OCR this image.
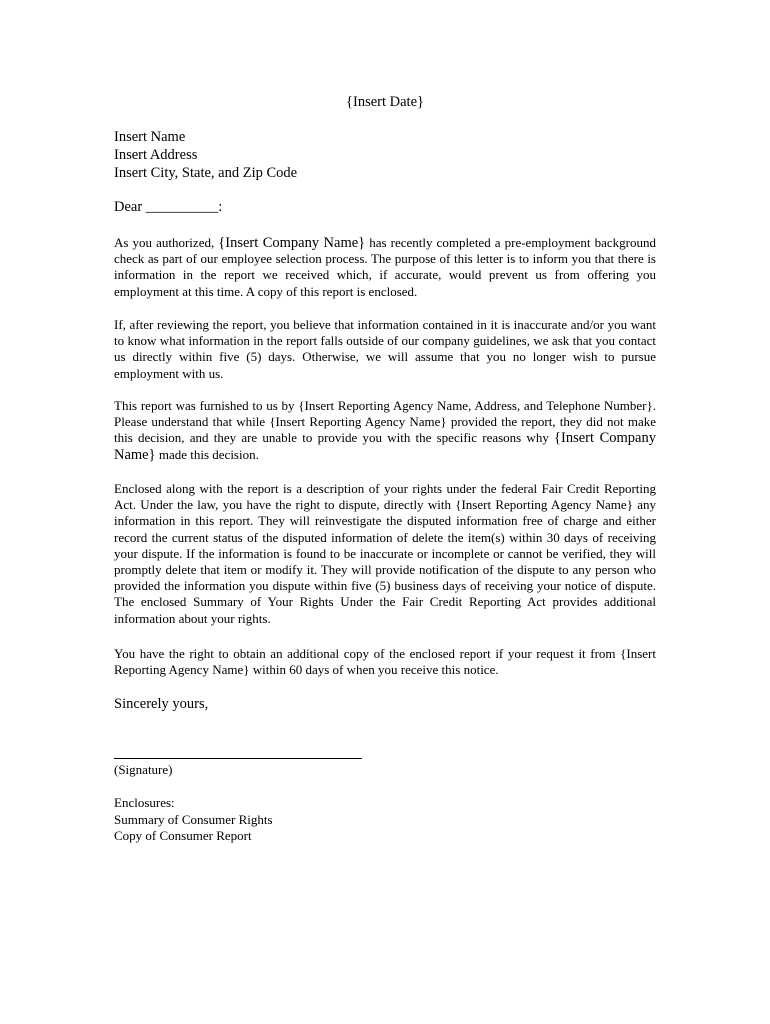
{Insert Date}
Insert Name
Insert Address
Insert City, State, and Zip Code
Dear __________:
As you authorized, {Insert Company Name} has recently completed a pre-employment background check as part of our employee selection process. The purpose of this letter is to inform you that there is information in the report we received which, if accurate, would prevent us from offering you employment at this time. A copy of this report is enclosed.
If, after reviewing the report, you believe that information contained in it is inaccurate and/or you want to know what information in the report falls outside of our company guidelines, we ask that you contact us directly within five (5) days. Otherwise, we will assume that you no longer wish to pursue employment with us.
This report was furnished to us by {Insert Reporting Agency Name, Address, and Telephone Number}. Please understand that while {Insert Reporting Agency Name} provided the report, they did not make this decision, and they are unable to provide you with the specific reasons why {Insert Company Name} made this decision.
Enclosed along with the report is a description of your rights under the federal Fair Credit Reporting Act. Under the law, you have the right to dispute, directly with {Insert Reporting Agency Name} any information in this report. They will reinvestigate the disputed information free of charge and either record the current status of the disputed information of delete the item(s) within 30 days of receiving your dispute. If the information is found to be inaccurate or incomplete or cannot be verified, they will promptly delete that item or modify it. They will provide notification of the dispute to any person who provided the information you dispute within five (5) business days of receiving your notice of dispute. The enclosed Summary of Your Rights Under the Fair Credit Reporting Act provides additional information about your rights.
You have the right to obtain an additional copy of the enclosed report if your request it from {Insert Reporting Agency Name} within 60 days of when you receive this notice.
Sincerely yours,
(Signature)
Enclosures:
Summary of Consumer Rights
Copy of Consumer Report
